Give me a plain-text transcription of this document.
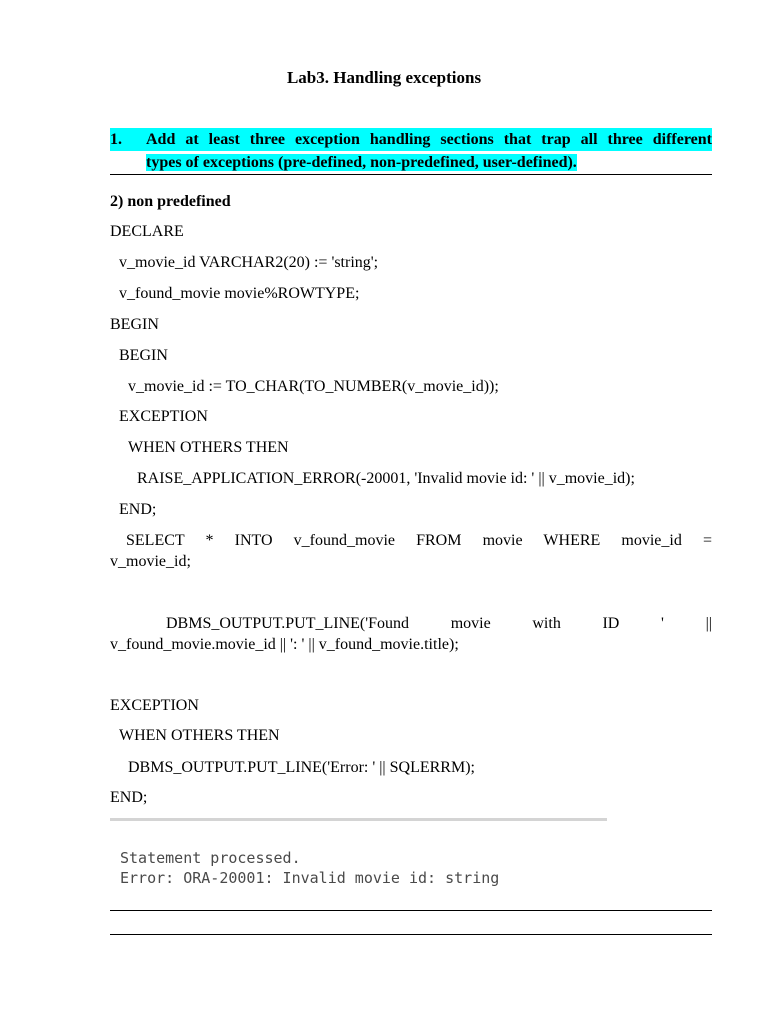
Lab3. Handling exceptions
1.	Add at least three exception handling sections that trap all three different
types of exceptions (pre-defined, non-predefined, user-defined).
2) non predefined
DECLARE
v_movie_id VARCHAR2(20) := 'string';
v_found_movie movie%ROWTYPE;
BEGIN
BEGIN
v_movie_id := TO_CHAR(TO_NUMBER(v_movie_id));
EXCEPTION
WHEN OTHERS THEN
RAISE_APPLICATION_ERROR(-20001, 'Invalid movie id: ' || v_movie_id);
END;
  SELECT * INTO v_found_movie FROM movie WHERE movie_id =
v_movie_id;
    DBMS_OUTPUT.PUT_LINE('Found movie with ID ' ||
v_found_movie.movie_id || ': ' || v_found_movie.title);
EXCEPTION
WHEN OTHERS THEN
DBMS_OUTPUT.PUT_LINE('Error: ' || SQLERRM);
END;
Statement processed.
Error: ORA-20001: Invalid movie id: string
